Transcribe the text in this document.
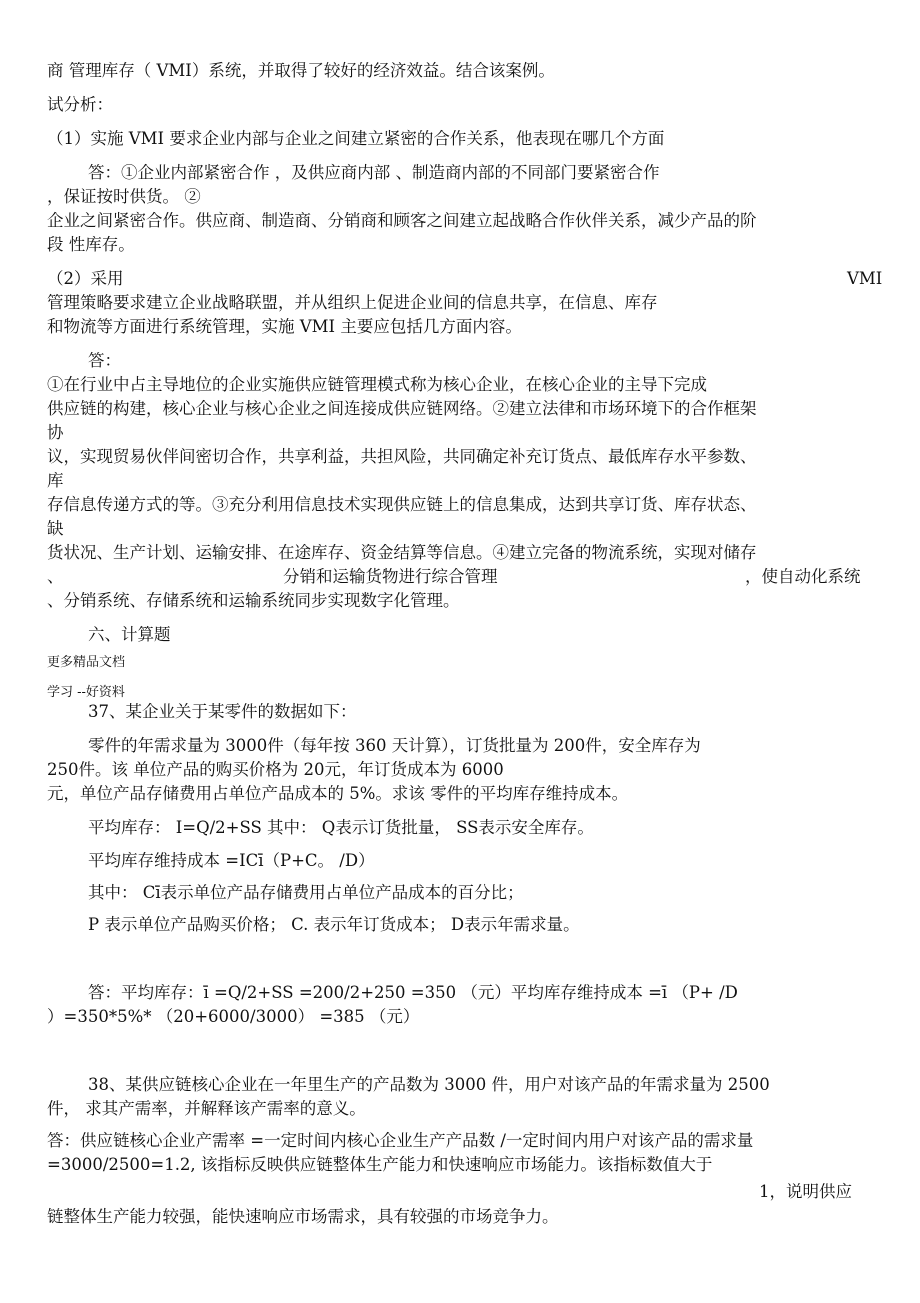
商 管理库存（ VMI）系统，并取得了较好的经济效益。结合该案例。
试分析：
（1）实施 VMI 要求企业内部与企业之间建立紧密的合作关系，他表现在哪几个方面
答：①企业内部紧密合作 ，及供应商内部 、制造商内部的不同部门要紧密合作
，保证按时供货。 ②
企业之间紧密合作。供应商、制造商、分销商和顾客之间建立起战略合作伙伴关系，减少产品的阶
段 性库存。
（2）采用	VMI
管理策略要求建立企业战略联盟，并从组织上促进企业间的信息共享，在信息、库存
和物流等方面进行系统管理，实施 VMI 主要应包括几方面内容。
答：
①在行业中占主导地位的企业实施供应链管理模式称为核心企业，在核心企业的主导下完成
供应链的构建，核心企业与核心企业之间连接成供应链网络。②建立法律和市场环境下的合作框架
协
议，实现贸易伙伴间密切合作，共享利益，共担风险，共同确定补充订货点、最低库存水平参数、
库
存信息传递方式的等。③充分利用信息技术实现供应链上的信息集成，达到共享订货、库存状态、
缺
货状况、生产计划、运输安排、在途库存、资金结算等信息。④建立完备的物流系统，实现对储存
、	分销和运输货物进行综合管理	，使自动化系统
、分销系统、存储系统和运输系统同步实现数字化管理。
六、计算题
更多精品文档
学习 --好资料
37、某企业关于某零件的数据如下：
零件的年需求量为 3000件（每年按 360 天计算），订货批量为 200件，安全库存为
250件。该 单位产品的购买价格为 20元，年订货成本为 6000
元，单位产品存储费用占单位产品成本的 5%。求该 零件的平均库存维持成本。
平均库存： I=Q/2+SS 其中： Q表示订货批量， SS表示安全库存。
平均库存维持成本 =ICī（P+C。 /D）
其中： Cī表示单位产品存储费用占单位产品成本的百分比；
P 表示单位产品购买价格； C. 表示年订货成本； D表示年需求量。
答：平均库存：ī =Q/2+SS =200/2+250 =350 （元）平均库存维持成本 =ī （P+ /D
）=350*5%* （20+6000/3000） =385 （元）
38、某供应链核心企业在一年里生产的产品数为 3000 件，用户对该产品的年需求量为 2500
件， 求其产需率，并解释该产需率的意义。
答：供应链核心企业产需率 =一定时间内核心企业生产产品数 /一定时间内用户对该产品的需求量
=3000/2500=1.2, 该指标反映供应链整体生产能力和快速响应市场能力。该指标数值大于
1，说明供应
链整体生产能力较强，能快速响应市场需求，具有较强的市场竞争力。
